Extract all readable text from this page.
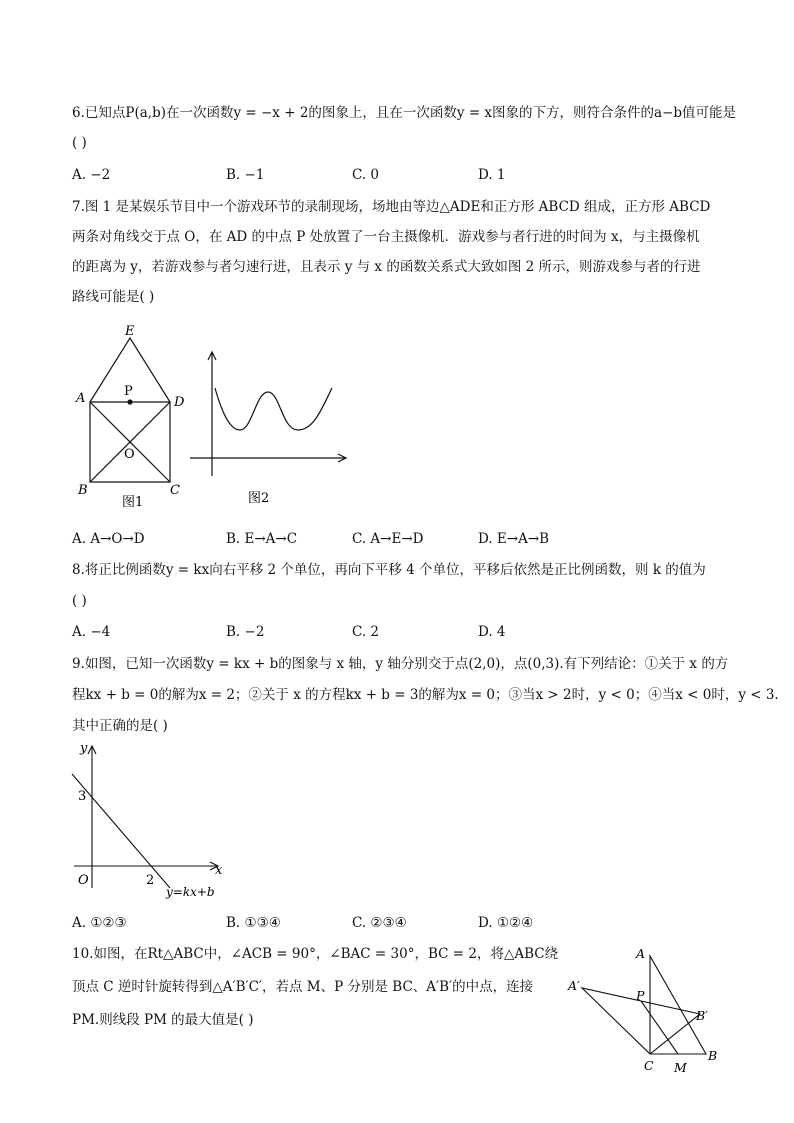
6.已知点P(a,b)在一次函数y = −x + 2的图象上，且在一次函数y = x图象的下方，则符合条件的a−b值可能是
( )
A. −2	B. −1	C. 0	D. 1
7.图 1 是某娱乐节目中一个游戏环节的录制现场，场地由等边△ADE和正方形 ABCD 组成，正方形 ABCD
两条对角线交于点 O，在 AD 的中点 P 处放置了一台主摄像机．游戏参与者行进的时间为 x，与主摄像机
的距离为 y，若游戏参与者匀速行进，且表示 y 与 x 的函数关系式大致如图 2 所示，则游戏参与者的行进
路线可能是( )
E
A	P
D
O
B	C
图1	图2
A. A→O→D	B. E→A→C	C. A→E→D	D. E→A→B
8.将正比例函数y = kx向右平移 2 个单位，再向下平移 4 个单位，平移后依然是正比例函数，则 k 的值为
( )
A. −4	B. −2	C. 2	D. 4
9.如图，已知一次函数y = kx + b的图象与 x 轴，y 轴分别交于点(2,0)，点(0,3).有下列结论：①关于 x 的方
程kx + b = 0的解为x = 2；②关于 x 的方程kx + b = 3的解为x = 0；③当x > 2时，y < 0；④当x < 0时，y < 3.
其中正确的是( )
y
x
O
3
2
y=kx+b
A. ①②③	B. ①③④	C. ②③④	D. ①②④
10.如图，在Rt△ABC中，∠ACB = 90°，∠BAC = 30°，BC = 2，将△ABC绕
顶点 C 逆时针旋转得到△A′B′C′，若点 M、P 分别是 BC、A′B′的中点，连接
PM.则线段 PM 的最大值是( )
A
A′
P
B′
B
C M
